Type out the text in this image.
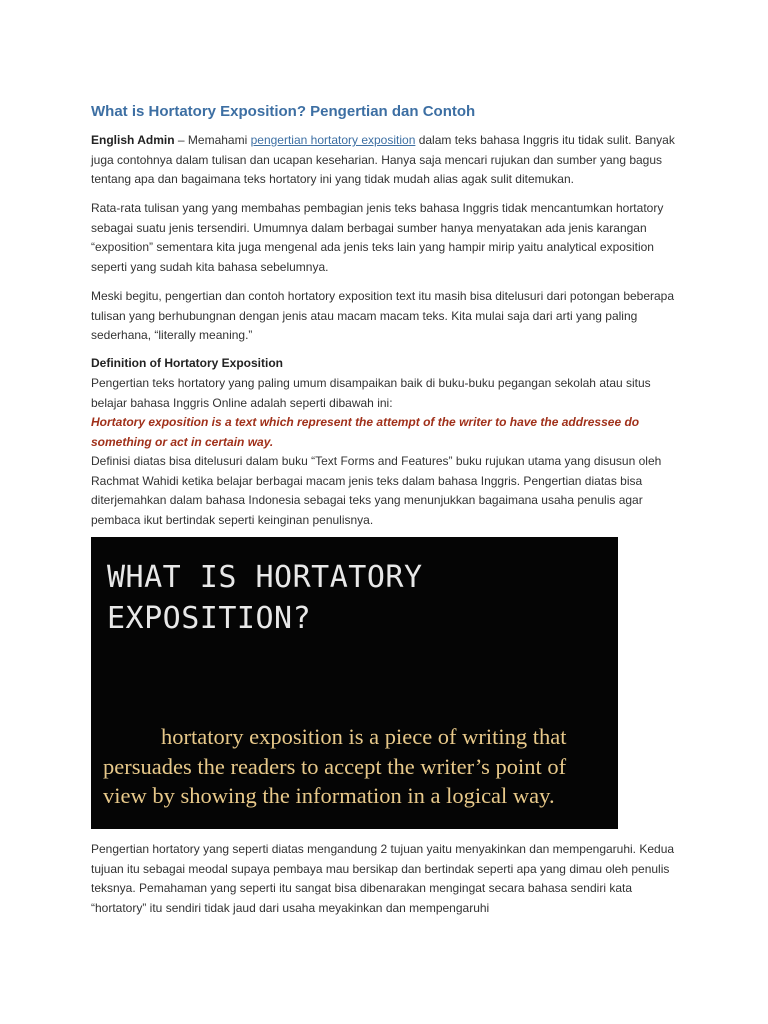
What is Hortatory Exposition? Pengertian dan Contoh

English Admin – Memahami pengertian hortatory exposition dalam teks bahasa Inggris itu tidak sulit. Banyak juga contohnya dalam tulisan dan ucapan keseharian. Hanya saja mencari rujukan dan sumber yang bagus tentang apa dan bagaimana teks hortatory ini yang tidak mudah alias agak sulit ditemukan.

Rata-rata tulisan yang yang membahas pembagian jenis teks bahasa Inggris tidak mencantumkan hortatory sebagai suatu jenis tersendiri. Umumnya dalam berbagai sumber hanya menyatakan ada jenis karangan “exposition” sementara kita juga mengenal ada jenis teks lain yang hampir mirip yaitu analytical exposition seperti yang sudah kita bahasa sebelumnya.

Meski begitu, pengertian dan contoh hortatory exposition text itu masih bisa ditelusuri dari potongan beberapa tulisan yang berhubungnan dengan jenis atau macam macam teks. Kita mulai saja dari arti yang paling sederhana, “literally meaning.”

Definition of Hortatory Exposition

Pengertian teks hortatory yang paling umum disampaikan baik di buku-buku pegangan sekolah atau situs belajar bahasa Inggris Online adalah seperti dibawah ini:

Hortatory exposition is a text which represent the attempt of the writer to have the addressee do something or act in certain way.

Definisi diatas bisa ditelusuri dalam buku “Text Forms and Features” buku rujukan utama yang disusun oleh Rachmat Wahidi ketika belajar berbagai macam jenis teks dalam bahasa Inggris. Pengertian diatas bisa diterjemahkan dalam bahasa Indonesia sebagai teks yang menunjukkan bagaimana usaha penulis agar pembaca ikut bertindak seperti keinginan penulisnya.

Pengertian hortatory yang seperti diatas mengandung 2 tujuan yaitu menyakinkan dan mempengaruhi. Kedua tujuan itu sebagai meodal supaya pembaya mau bersikap dan bertindak seperti apa yang dimau oleh penulis teksnya. Pemahaman yang seperti itu sangat bisa dibenarakan mengingat secara bahasa sendiri kata “hortatory” itu sendiri tidak jaud dari usaha meyakinkan dan mempengaruhi

WHAT IS HORTATORY
EXPOSITION?

hortatory exposition is a piece of writing that
persuades the readers to accept the writer’s point of
view by showing the information in a logical way.
